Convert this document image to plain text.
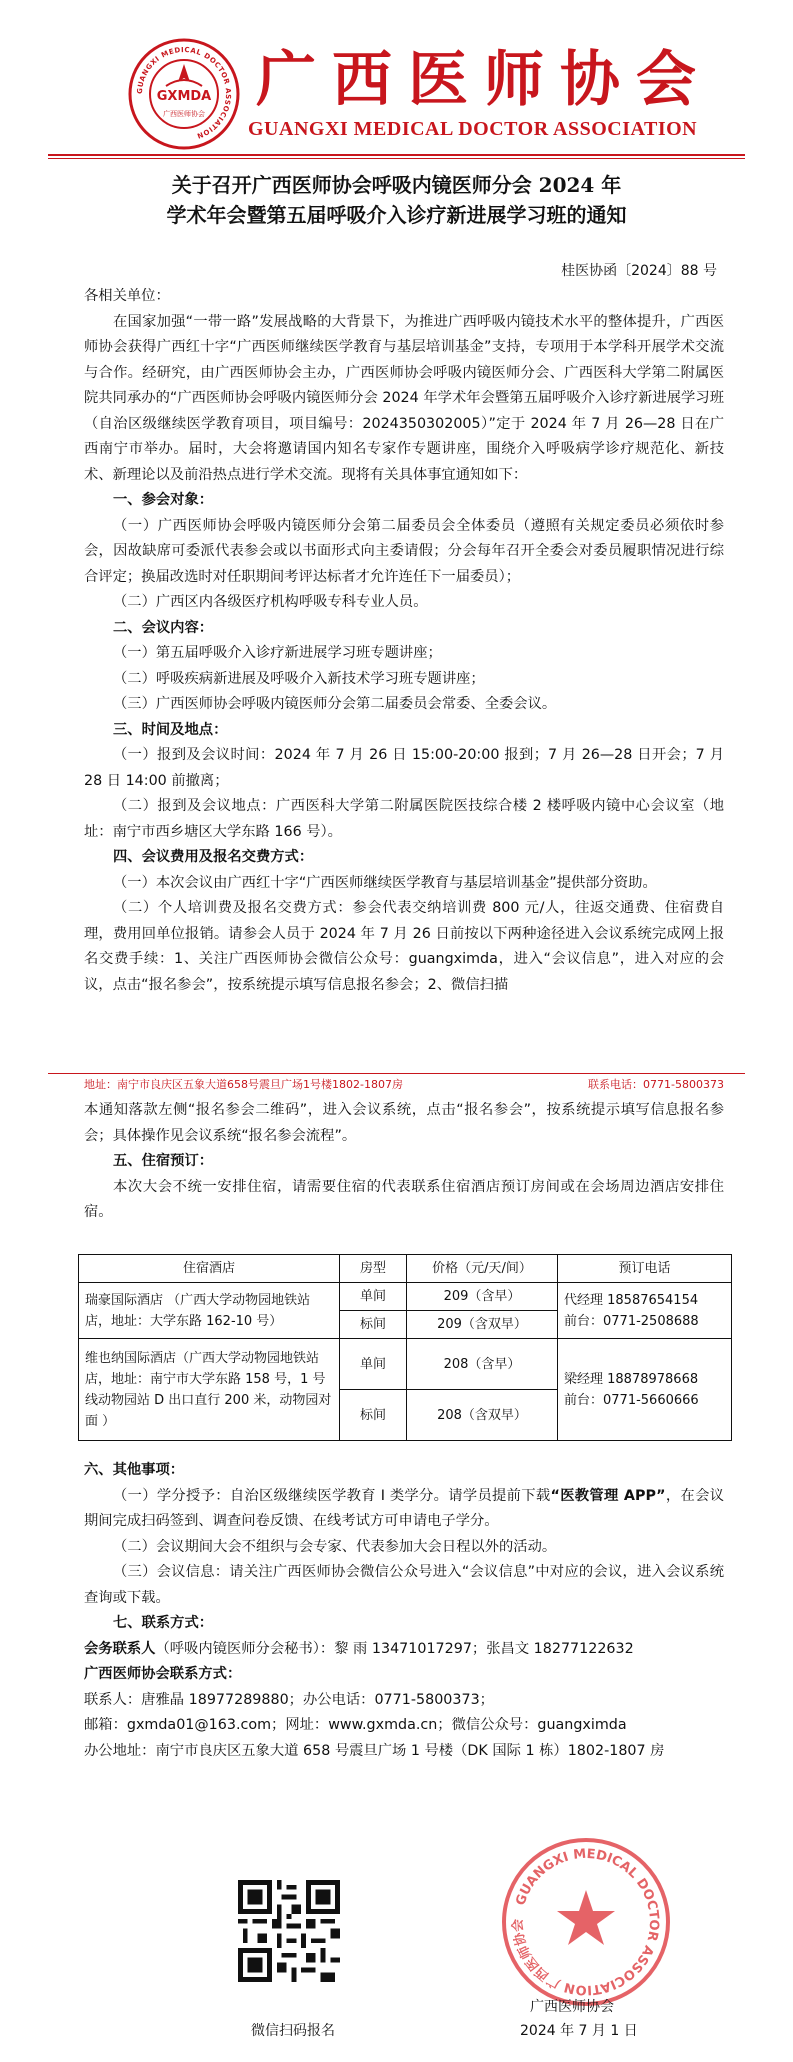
GUANGXI MEDICAL DOCTOR ASSOCIATION
GXMDA
广西医师协会 广西医师协会
GUANGXI MEDICAL DOCTOR ASSOCIATION
关于召开广西医师协会呼吸内镜医师分会 2024 年
学术年会暨第五届呼吸介入诊疗新进展学习班的通知
桂医协函〔2024〕88 号

各相关单位：

在国家加强“一带一路”发展战略的大背景下，为推进广西呼吸内镜技术水平的整体提升，广西医师协会获得广西红十字“广西医师继续医学教育与基层培训基金”支持，专项用于本学科开展学术交流与合作。经研究，由广西医师协会主办，广西医师协会呼吸内镜医师分会、广西医科大学第二附属医院共同承办的“广西医师协会呼吸内镜医师分会 2024 年学术年会暨第五届呼吸介入诊疗新进展学习班（自治区级继续医学教育项目，项目编号：2024350302005）”定于 2024 年 7 月 26—28 日在广西南宁市举办。届时，大会将邀请国内知名专家作专题讲座，围绕介入呼吸病学诊疗规范化、新技术、新理论以及前沿热点进行学术交流。现将有关具体事宜通知如下：

一、参会对象：

（一）广西医师协会呼吸内镜医师分会第二届委员会全体委员（遵照有关规定委员必须依时参会，因故缺席可委派代表参会或以书面形式向主委请假；分会每年召开全委会对委员履职情况进行综合评定；换届改选时对任职期间考评达标者才允许连任下一届委员）；

（二）广西区内各级医疗机构呼吸专科专业人员。

二、会议内容：

（一）第五届呼吸介入诊疗新进展学习班专题讲座；

（二）呼吸疾病新进展及呼吸介入新技术学习班专题讲座；

（三）广西医师协会呼吸内镜医师分会第二届委员会常委、全委会议。

三、时间及地点：

（一）报到及会议时间：2024 年 7 月 26 日 15:00-20:00 报到；7 月 26—28 日开会；7 月 28 日 14:00 前撤离；

（二）报到及会议地点：广西医科大学第二附属医院医技综合楼 2 楼呼吸内镜中心会议室（地址：南宁市西乡塘区大学东路 166 号）。

四、会议费用及报名交费方式：

（一）本次会议由广西红十字“广西医师继续医学教育与基层培训基金”提供部分资助。

（二）个人培训费及报名交费方式：参会代表交纳培训费 800 元/人，往返交通费、住宿费自理，费用回单位报销。请参会人员于 2024 年 7 月 26 日前按以下两种途径进入会议系统完成网上报名交费手续：1、关注广西医师协会微信公众号：guangximda，进入“会议信息”，进入对应的会议，点击“报名参会”，按系统提示填写信息报名参会；2、微信扫描

地址：南宁市良庆区五象大道658号震旦广场1号楼1802-1807房	联系电话：0771-5800373

本通知落款左侧“报名参会二维码”，进入会议系统，点击“报名参会”，按系统提示填写信息报名参会；具体操作见会议系统“报名参会流程”。

五、住宿预订：

本次大会不统一安排住宿，请需要住宿的代表联系住宿酒店预订房间或在会场周边酒店安排住宿。

住宿酒店	房型	价格（元/天/间）	预订电话
瑞豪国际酒店 （广西大学动物园地铁站店，地址：大学东路 162-10 号）	单间	209（含早）	代经理 18587654154
前台：0771-2508688

	标间	209（含双早）	
维也纳国际酒店（广西大学动物园地铁站店，地址：南宁市大学东路 158 号，1 号线动物园站 D 出口直行 200 米，动物园对面 ）	单间	208（含早）	梁经理 18878978668
前台：0771-5660666

	标间	208（含双早）	

六、其他事项：

（一）学分授予：自治区级继续医学教育 I 类学分。请学员提前下载“医教管理 APP”，在会议期间完成扫码签到、调查问卷反馈、在线考试方可申请电子学分。

（二）会议期间大会不组织与会专家、代表参加大会日程以外的活动。

（三）会议信息：请关注广西医师协会微信公众号进入“会议信息”中对应的会议，进入会议系统查询或下载。

七、联系方式：

会务联系人（呼吸内镜医师分会秘书）：黎 雨 13471017297；张昌文 18277122632

广西医师协会联系方式：

联系人：唐雅晶 18977289880；办公电话：0771-5800373；

邮箱：gxmda01@163.com；网址：www.gxmda.cn；微信公众号：guangximda

办公地址：南宁市良庆区五象大道 658 号震旦广场 1 号楼（DK 国际 1 栋）1802-1807 房

微信扫码报名
GUANGXI MEDICAL DOCTOR ASSOCIATION 广西医师协会
广西医师协会
2024 年 7 月 1 日
